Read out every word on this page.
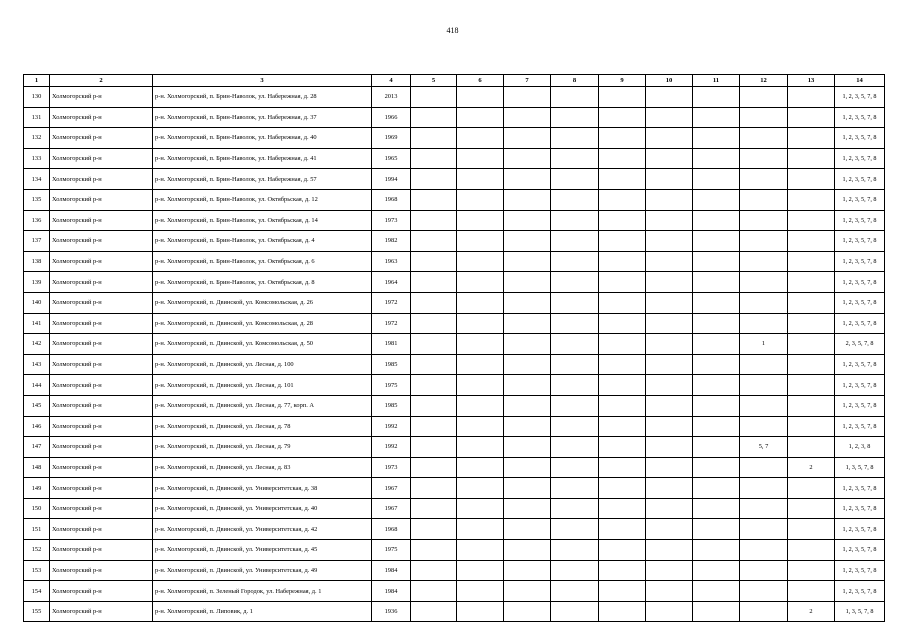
418
1	2	3	4	5	6	7	8	9	10	11	12	13	14
130	Холмогорский р-н	р-н. Холмогорский, п. Брин-Наволок, ул. Набережная, д. 28	2013										1, 2, 3, 5, 7, 8
131	Холмогорский р-н	р-н. Холмогорский, п. Брин-Наволок, ул. Набережная, д. 37	1966										1, 2, 3, 5, 7, 8
132	Холмогорский р-н	р-н. Холмогорский, п. Брин-Наволок, ул. Набережная, д. 40	1969										1, 2, 3, 5, 7, 8
133	Холмогорский р-н	р-н. Холмогорский, п. Брин-Наволок, ул. Набережная, д. 41	1965										1, 2, 3, 5, 7, 8
134	Холмогорский р-н	р-н. Холмогорский, п. Брин-Наволок, ул. Набережная, д. 57	1994										1, 2, 3, 5, 7, 8
135	Холмогорский р-н	р-н. Холмогорский, п. Брин-Наволок, ул. Октябрьская, д. 12	1968										1, 2, 3, 5, 7, 8
136	Холмогорский р-н	р-н. Холмогорский, п. Брин-Наволок, ул. Октябрьская, д. 14	1973										1, 2, 3, 5, 7, 8
137	Холмогорский р-н	р-н. Холмогорский, п. Брин-Наволок, ул. Октябрьская, д. 4	1982										1, 2, 3, 5, 7, 8
138	Холмогорский р-н	р-н. Холмогорский, п. Брин-Наволок, ул. Октябрьская, д. 6	1963										1, 2, 3, 5, 7, 8
139	Холмогорский р-н	р-н. Холмогорский, п. Брин-Наволок, ул. Октябрьская, д. 8	1964										1, 2, 3, 5, 7, 8
140	Холмогорский р-н	р-н. Холмогорский, п. Двинской, ул. Комсомольская, д. 26	1972										1, 2, 3, 5, 7, 8
141	Холмогорский р-н	р-н. Холмогорский, п. Двинской, ул. Комсомольская, д. 28	1972										1, 2, 3, 5, 7, 8
142	Холмогорский р-н	р-н. Холмогорский, п. Двинской, ул. Комсомольская, д. 50	1981								1		2, 3, 5, 7, 8
143	Холмогорский р-н	р-н. Холмогорский, п. Двинской, ул. Лесная, д. 100	1985										1, 2, 3, 5, 7, 8
144	Холмогорский р-н	р-н. Холмогорский, п. Двинской, ул. Лесная, д. 101	1975										1, 2, 3, 5, 7, 8
145	Холмогорский р-н	р-н. Холмогорский, п. Двинской, ул. Лесная, д. 77, корп. А	1985										1, 2, 3, 5, 7, 8
146	Холмогорский р-н	р-н. Холмогорский, п. Двинской, ул. Лесная, д. 78	1992										1, 2, 3, 5, 7, 8
147	Холмогорский р-н	р-н. Холмогорский, п. Двинской, ул. Лесная, д. 79	1992								5, 7		1, 2, 3, 8
148	Холмогорский р-н	р-н. Холмогорский, п. Двинской, ул. Лесная, д. 83	1973									2	1, 3, 5, 7, 8
149	Холмогорский р-н	р-н. Холмогорский, п. Двинской, ул. Университетская, д. 38	1967										1, 2, 3, 5, 7, 8
150	Холмогорский р-н	р-н. Холмогорский, п. Двинской, ул. Университетская, д. 40	1967										1, 2, 3, 5, 7, 8
151	Холмогорский р-н	р-н. Холмогорский, п. Двинской, ул. Университетская, д. 42	1968										1, 2, 3, 5, 7, 8
152	Холмогорский р-н	р-н. Холмогорский, п. Двинской, ул. Университетская, д. 45	1975										1, 2, 3, 5, 7, 8
153	Холмогорский р-н	р-н. Холмогорский, п. Двинской, ул. Университетская, д. 49	1984										1, 2, 3, 5, 7, 8
154	Холмогорский р-н	р-н. Холмогорский, п. Зеленый Городок, ул. Набережная, д. 1	1984										1, 2, 3, 5, 7, 8
155	Холмогорский р-н	р-н. Холмогорский, п. Липовик, д. 1	1936									2	1, 3, 5, 7, 8
